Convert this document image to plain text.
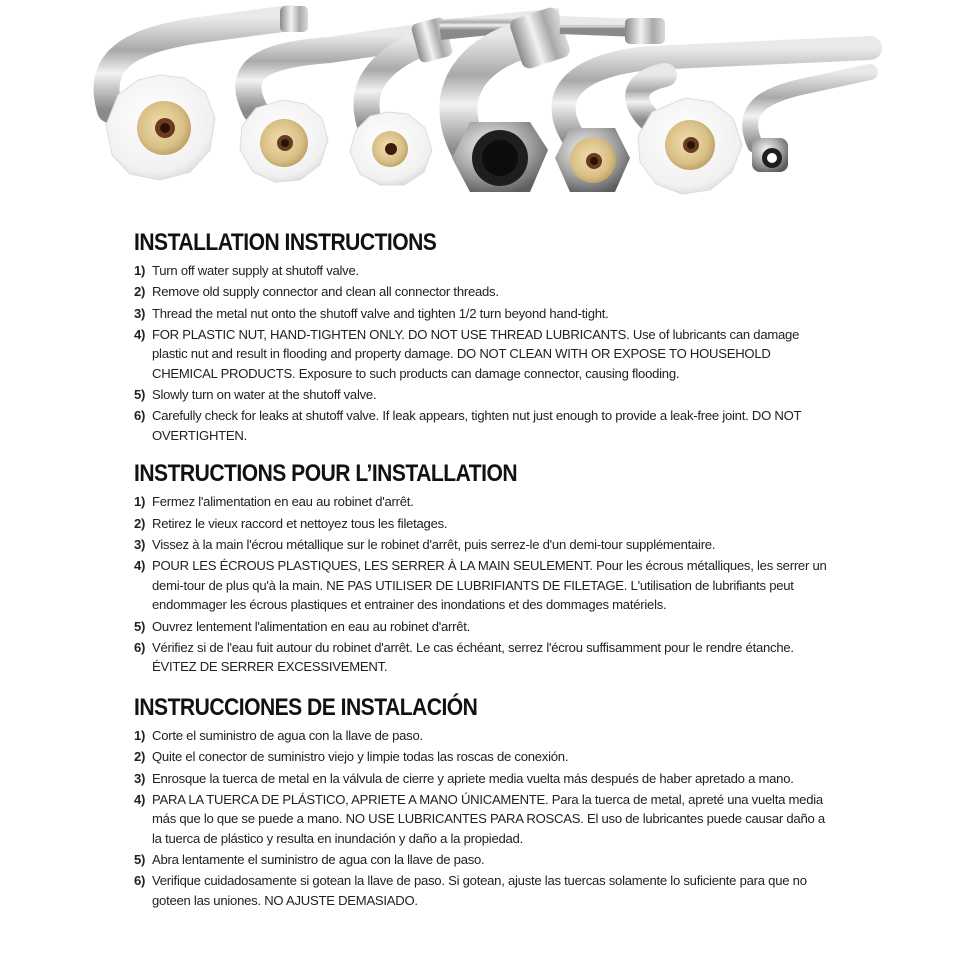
INSTALLATION INSTRUCTIONS
1) Turn off water supply at shutoff valve.
2) Remove old supply connector and clean all connector threads.
3) Thread the metal nut onto the shutoff valve and tighten 1/2 turn beyond hand-tight.
4) FOR PLASTIC NUT, HAND-TIGHTEN ONLY. DO NOT USE THREAD LUBRICANTS. Use of lubricants can damage plastic nut and result in flooding and property damage. DO NOT CLEAN WITH OR EXPOSE TO HOUSEHOLD CHEMICAL PRODUCTS. Exposure to such products can damage connector, causing flooding.
5) Slowly turn on water at the shutoff valve.
6) Carefully check for leaks at shutoff valve. If leak appears, tighten nut just enough to provide a leak-free joint. DO NOT OVERTIGHTEN.
INSTRUCTIONS POUR L’INSTALLATION
1) Fermez l'alimentation en eau au robinet d'arrêt.
2) Retirez le vieux raccord et nettoyez tous les filetages.
3) Vissez à la main l'écrou métallique sur le robinet d'arrêt, puis serrez-le d'un demi-tour supplémentaire.
4) POUR LES ÉCROUS PLASTIQUES, LES SERRER À LA MAIN SEULEMENT. Pour les écrous métalliques, les serrer un demi-tour de plus qu'à la main. NE PAS UTILISER DE LUBRIFIANTS DE FILETAGE. L'utilisation de lubrifiants peut endommager les écrous plastiques et entrainer des inondations et des dommages matériels.
5) Ouvrez lentement l'alimentation en eau au robinet d'arrêt.
6) Vérifiez si de l'eau fuit autour du robinet d'arrêt. Le cas échéant, serrez l'écrou suffisamment pour le rendre étanche. ÉVITEZ DE SERRER EXCESSIVEMENT.
INSTRUCCIONES DE INSTALACIÓN
1) Corte el suministro de agua con la llave de paso.
2) Quite el conector de suministro viejo y limpie todas las roscas de conexión.
3) Enrosque la tuerca de metal en la válvula de cierre y apriete media vuelta más después de haber apretado a mano.
4) PARA LA TUERCA DE PLÁSTICO, APRIETE A MANO ÚNICAMENTE. Para la tuerca de metal, apreté una vuelta media más que lo que se puede a mano. NO USE LUBRICANTES PARA ROSCAS. El uso de lubricantes puede causar daño a la tuerca de plástico y resulta en inundación y daño a la propiedad.
5) Abra lentamente el suministro de agua con la llave de paso.
6) Verifique cuidadosamente si gotean la llave de paso. Si gotean, ajuste las tuercas solamente lo suficiente para que no goteen las uniones. NO AJUSTE DEMASIADO.
